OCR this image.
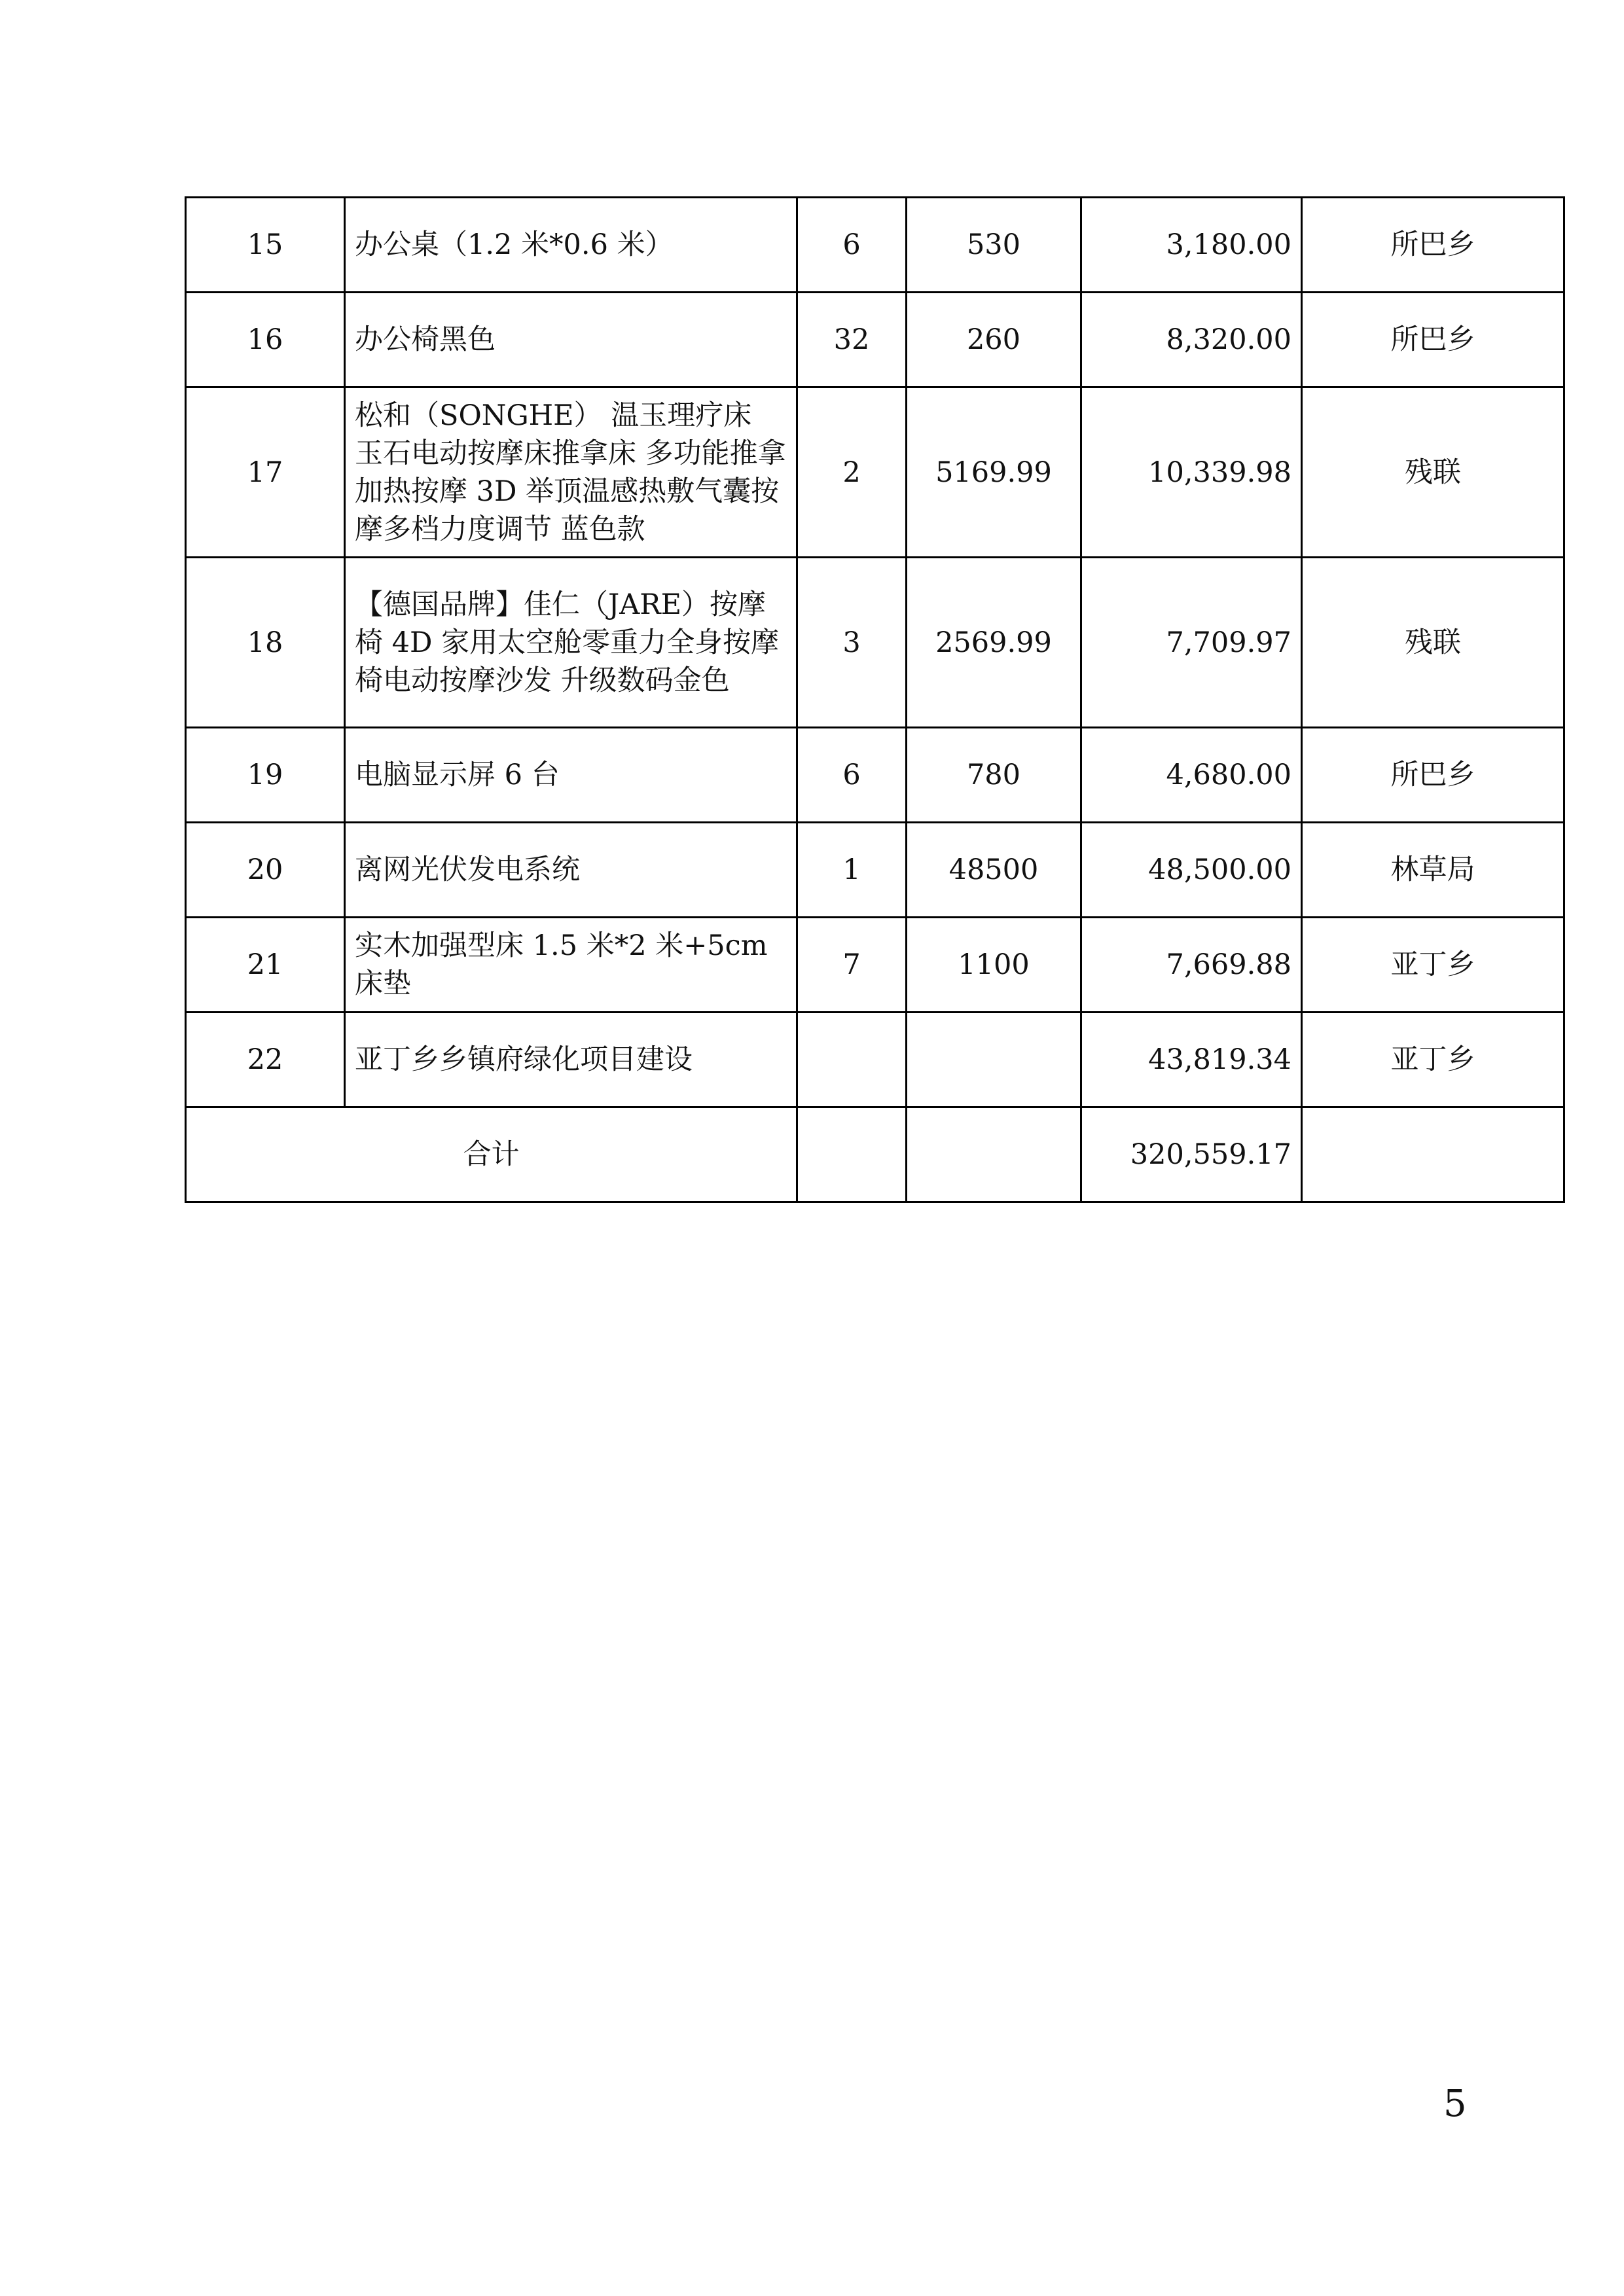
15	办公桌（1.2 米*0.6 米）	6	530	3,180.00	所巴乡
16	办公椅黑色	32	260	8,320.00	所巴乡
17	松和（SONGHE） 温玉理疗床 玉石电动按摩床推拿床 多功能推拿加热按摩 3D 举顶温感热敷气囊按摩多档力度调节 蓝色款	2	5169.99	10,339.98	残联
18	【德国品牌】佳仁（JARE）按摩椅 4D 家用太空舱零重力全身按摩椅电动按摩沙发 升级数码金色	3	2569.99	7,709.97	残联
19	电脑显示屏 6 台	6	780	4,680.00	所巴乡
20	离网光伏发电系统	1	48500	48,500.00	林草局
21	实木加强型床 1.5 米*2 米+5cm 床垫	7	1100	7,669.88	亚丁乡
22	亚丁乡乡镇府绿化项目建设			43,819.34	亚丁乡
合计				320,559.17	
5
